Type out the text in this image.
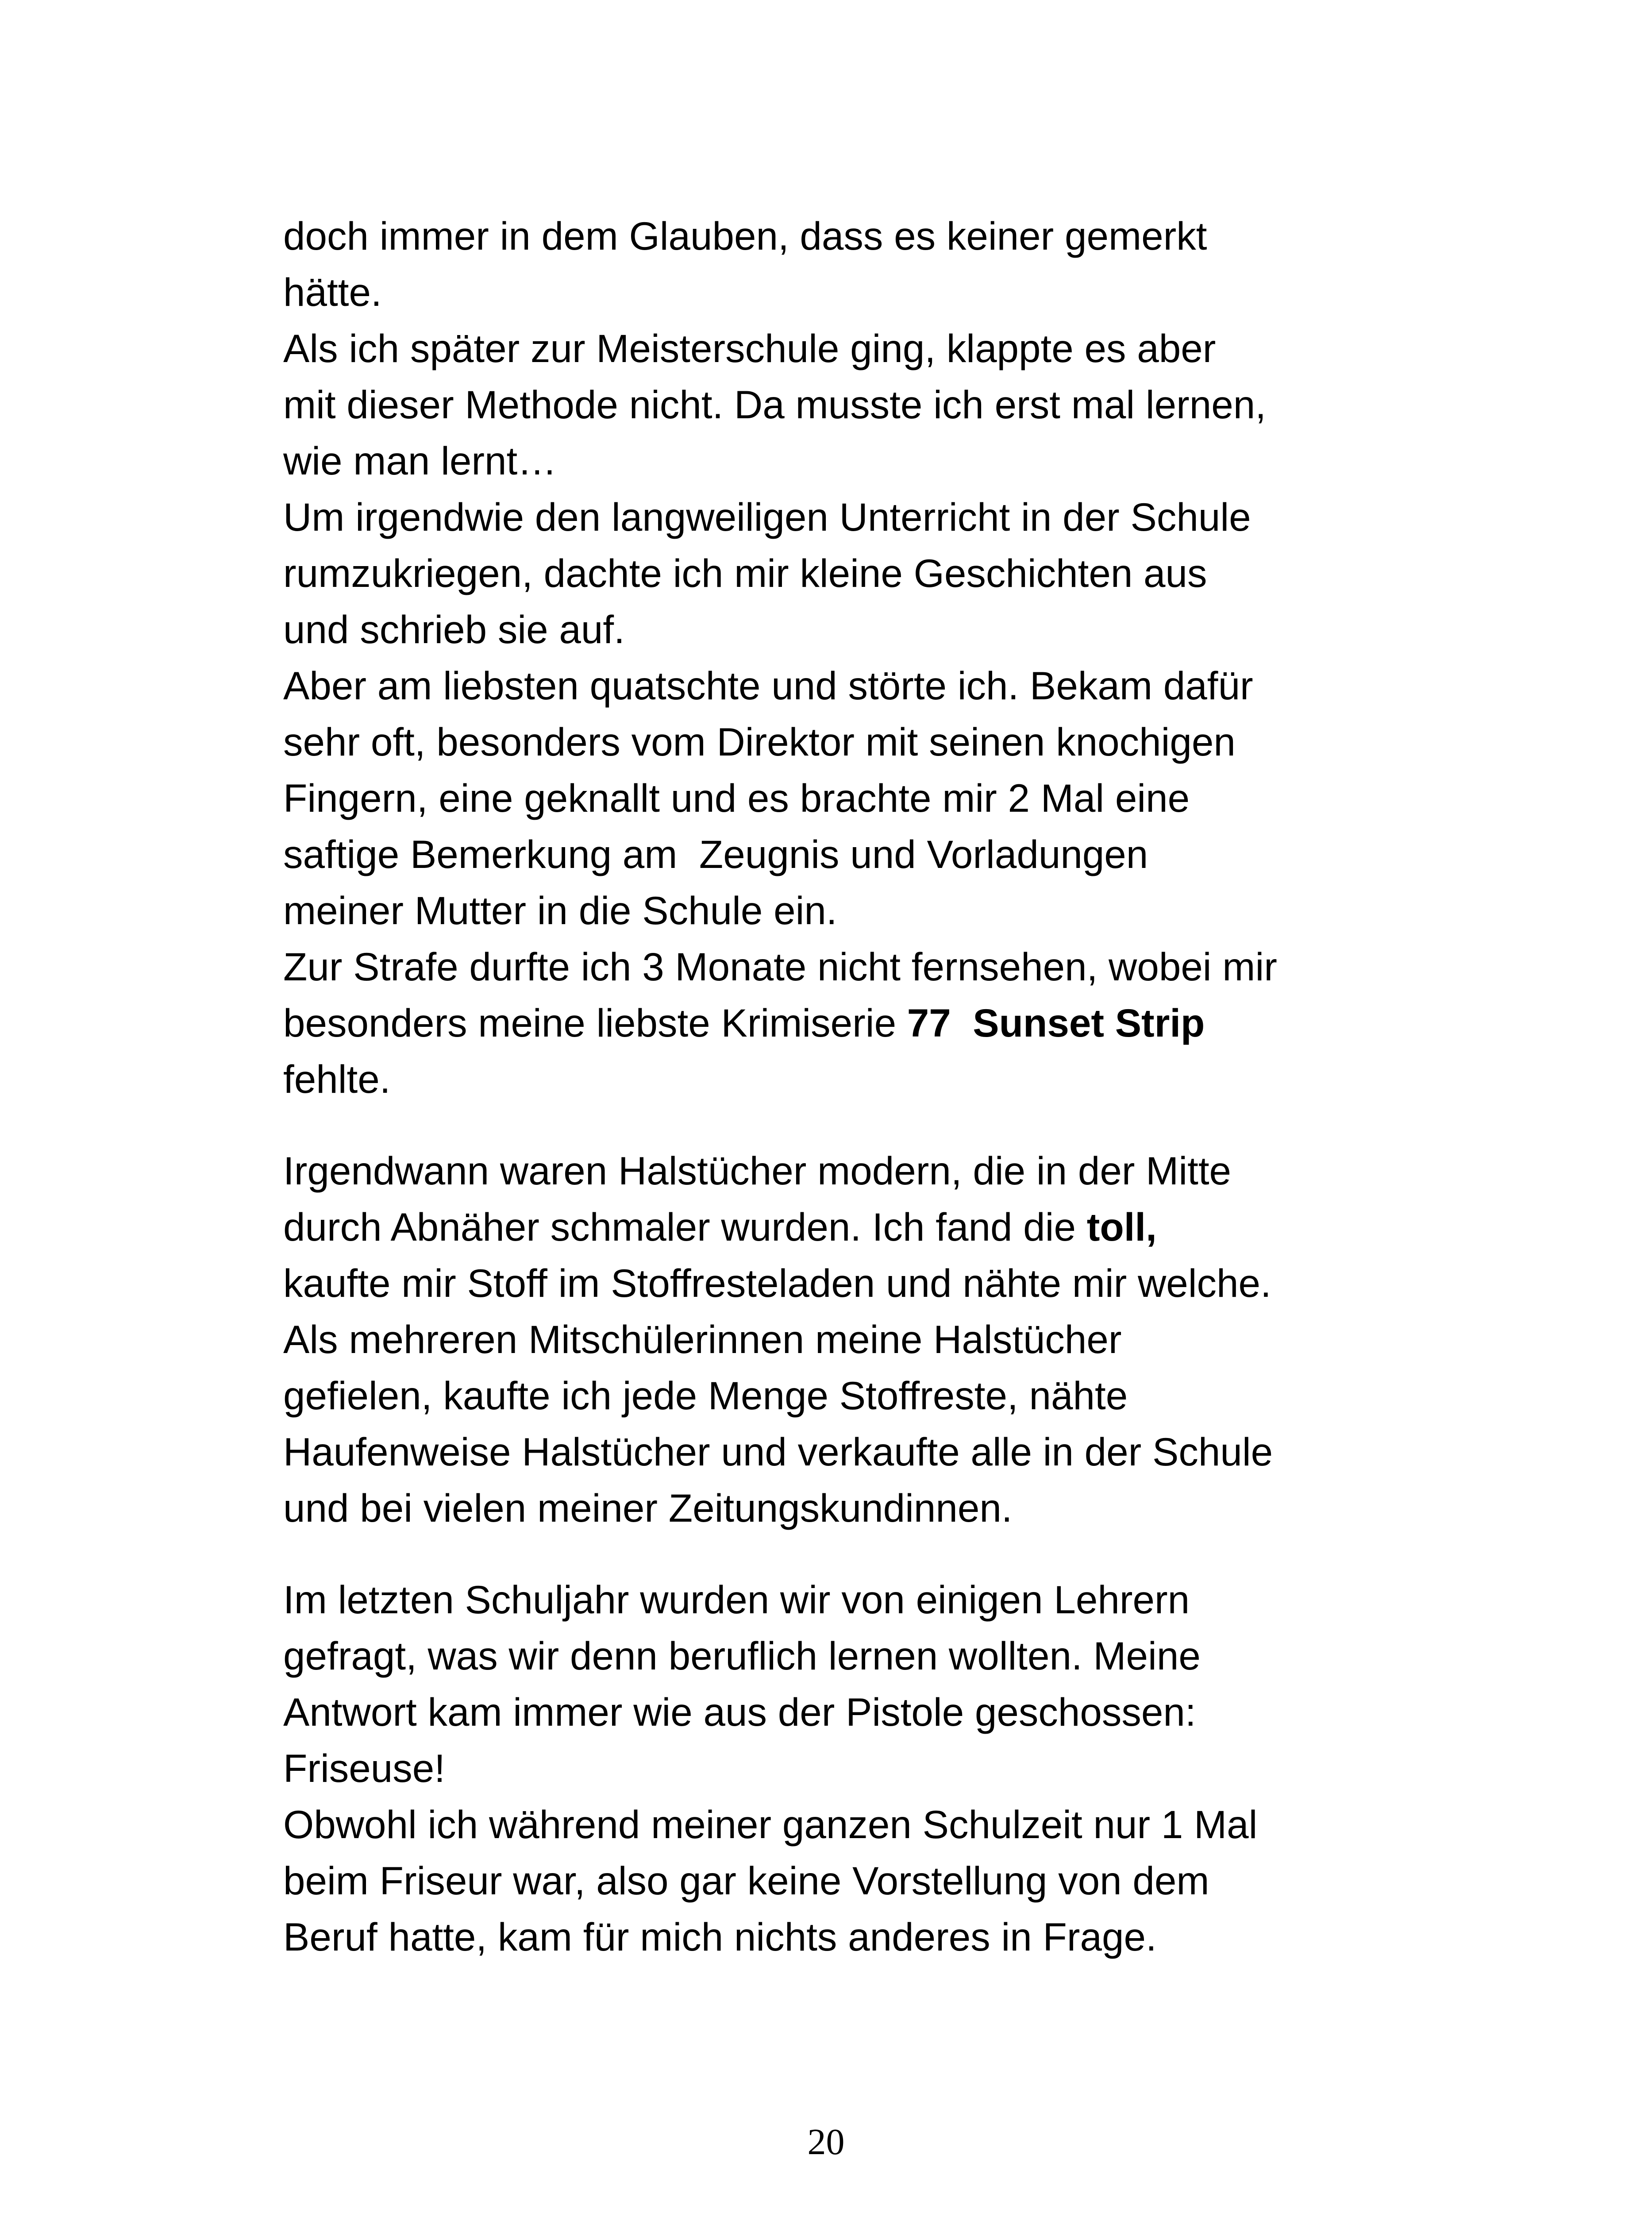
doch immer in dem Glauben, dass es keiner gemerkt
hätte.
Als ich später zur Meisterschule ging, klappte es aber
mit dieser Methode nicht. Da musste ich erst mal lernen,
wie man lernt…
Um irgendwie den langweiligen Unterricht in der Schule
rumzukriegen, dachte ich mir kleine Geschichten aus
und schrieb sie auf.
Aber am liebsten quatschte und störte ich. Bekam dafür
sehr oft, besonders vom Direktor mit seinen knochigen
Fingern, eine geknallt und es brachte mir 2 Mal eine
saftige Bemerkung am  Zeugnis und Vorladungen
meiner Mutter in die Schule ein.
Zur Strafe durfte ich 3 Monate nicht fernsehen, wobei mir
besonders meine liebste Krimiserie 77  Sunset Strip
fehlte.
Irgendwann waren Halstücher modern, die in der Mitte
durch Abnäher schmaler wurden. Ich fand die toll,
kaufte mir Stoff im Stoffresteladen und nähte mir welche.
Als mehreren Mitschülerinnen meine Halstücher
gefielen, kaufte ich jede Menge Stoffreste, nähte
Haufenweise Halstücher und verkaufte alle in der Schule
und bei vielen meiner Zeitungskundinnen.
Im letzten Schuljahr wurden wir von einigen Lehrern
gefragt, was wir denn beruflich lernen wollten. Meine
Antwort kam immer wie aus der Pistole geschossen:
Friseuse!
Obwohl ich während meiner ganzen Schulzeit nur 1 Mal
beim Friseur war, also gar keine Vorstellung von dem
Beruf hatte, kam für mich nichts anderes in Frage.
20
